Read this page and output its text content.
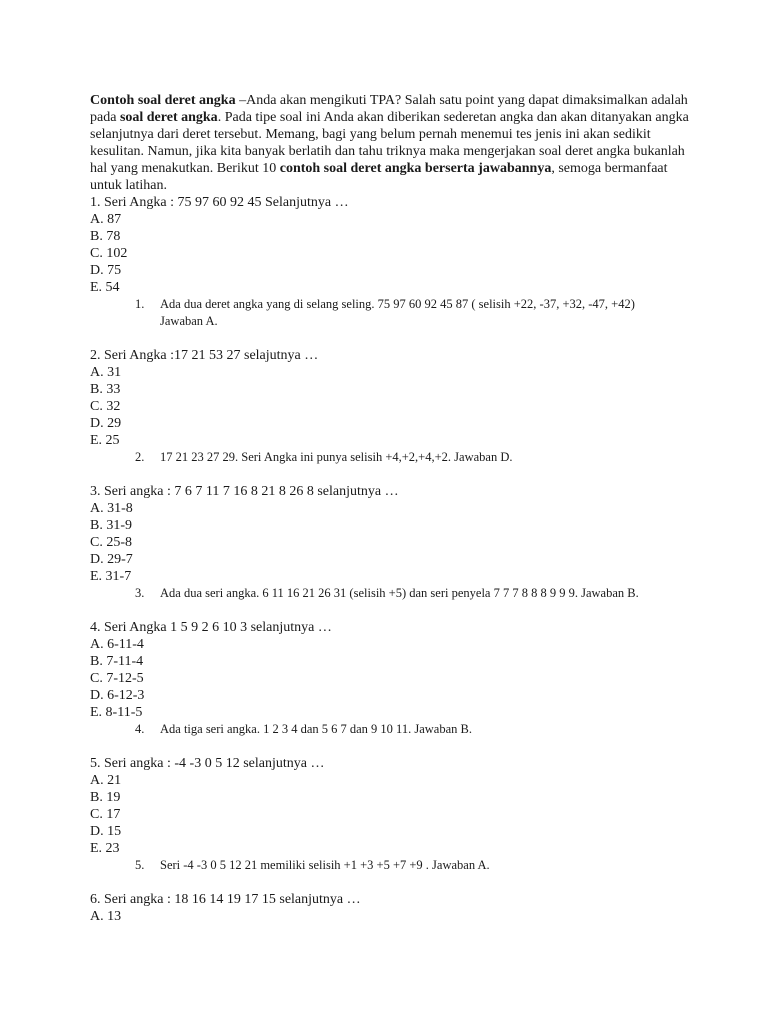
Contoh soal deret angka –Anda akan mengikuti TPA? Salah satu point yang dapat dimaksimalkan adalah pada soal deret angka. Pada tipe soal ini Anda akan diberikan sederetan angka dan akan ditanyakan angka selanjutnya dari deret tersebut. Memang, bagi yang belum pernah menemui tes jenis ini akan sedikit kesulitan. Namun, jika kita banyak berlatih dan tahu triknya maka mengerjakan soal deret angka bukanlah hal yang menakutkan. Berikut 10 contoh soal deret angka berserta jawabannya, semoga bermanfaat untuk latihan.

1. Seri Angka : 75 97 60 92 45 Selanjutnya …

A. 87

B. 78

C. 102

D. 75

E. 54

1. Ada dua deret angka yang di selang seling. 75 97 60 92 45 87 ( selisih +22, -37, +32, -47, +42)
Jawaban A.

2. Seri Angka :17 21 53 27 selajutnya …

A. 31

B. 33

C. 32

D. 29

E. 25

2. 17 21 23 27 29. Seri Angka ini punya selisih +4,+2,+4,+2. Jawaban D.

3. Seri angka : 7 6 7 11 7 16 8 21 8 26 8 selanjutnya …

A. 31-8

B. 31-9

C. 25-8

D. 29-7

E. 31-7

3. Ada dua seri angka. 6 11 16 21 26 31 (selisih +5) dan seri penyela 7 7 7 8 8 8 9 9 9. Jawaban B.

4. Seri Angka 1 5 9 2 6 10 3 selanjutnya …

A. 6-11-4

B. 7-11-4

C. 7-12-5

D. 6-12-3

E. 8-11-5

4. Ada tiga seri angka. 1 2 3 4 dan 5 6 7 dan 9 10 11. Jawaban B.

5. Seri angka : -4 -3 0 5 12 selanjutnya …

A. 21

B. 19

C. 17

D. 15

E. 23

5. Seri -4 -3 0 5 12 21 memiliki selisih +1 +3 +5 +7 +9 . Jawaban A.

6. Seri angka : 18 16 14 19 17 15 selanjutnya …

A. 13
